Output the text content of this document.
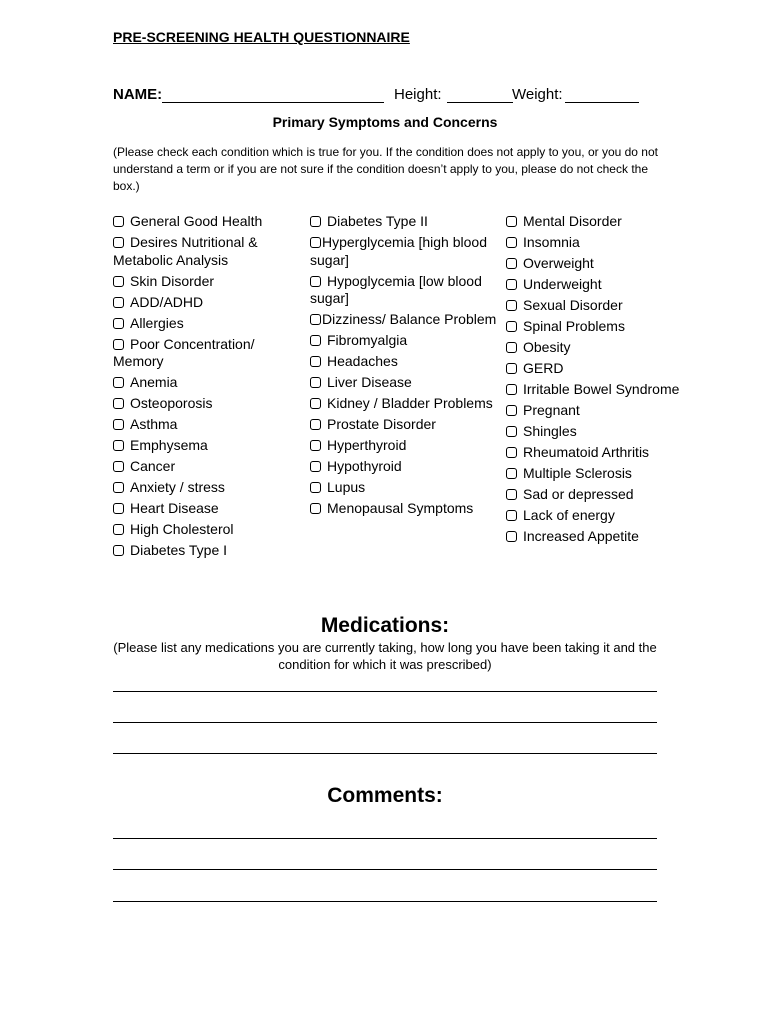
PRE-SCREENING HEALTH QUESTIONNAIRE
NAME:	Height:	Weight:
Primary Symptoms and Concerns

(Please check each condition which is true for you. If the condition does not apply to you, or you do not understand a term or if you are not sure if the condition doesn’t apply to you, please do not check the box.)

General Good Health
Desires Nutritional & Metabolic Analysis
Skin Disorder
ADD/ADHD
Allergies
Poor Concentration/ Memory
Anemia
Osteoporosis
Asthma
Emphysema
Cancer
Anxiety / stress
Heart Disease
High Cholesterol
Diabetes Type I
Diabetes Type II
Hyperglycemia [high blood sugar]
Hypoglycemia [low blood sugar]
Dizziness/ Balance Problem
Fibromyalgia
Headaches
Liver Disease
Kidney / Bladder Problems
Prostate Disorder
Hyperthyroid
Hypothyroid
Lupus
Menopausal Symptoms
Mental Disorder
Insomnia
Overweight
Underweight
Sexual Disorder
Spinal Problems
Obesity
GERD
Irritable Bowel Syndrome
Pregnant
Shingles
Rheumatoid Arthritis
Multiple Sclerosis
Sad or depressed
Lack of energy
Increased Appetite
Medications:

(Please list any medications you are currently taking, how long you have been taking it and the condition for which it was prescribed)

Comments:
